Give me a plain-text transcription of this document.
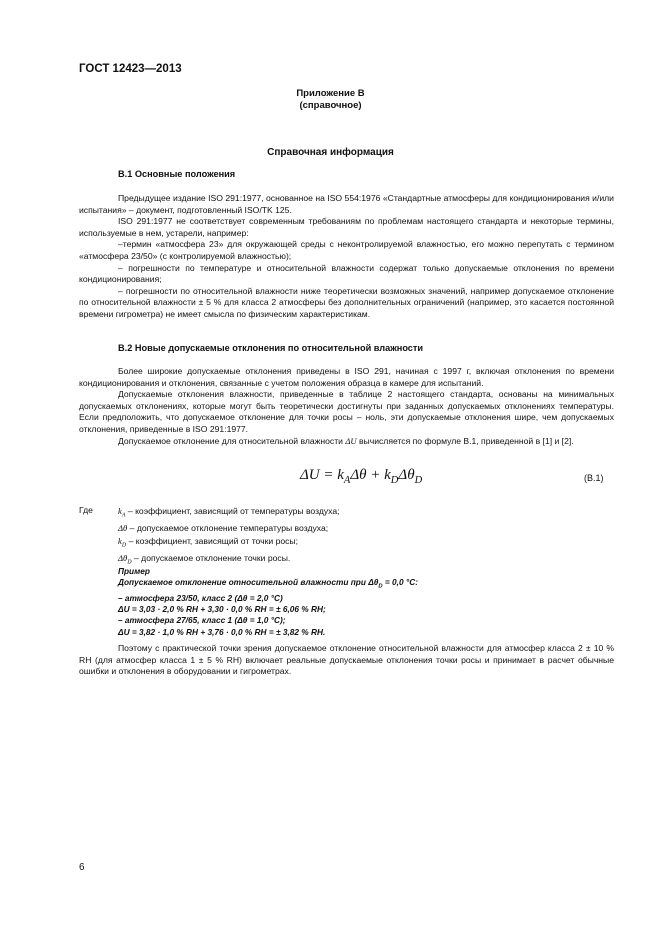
ГОСТ 12423—2013
Приложение В
(справочное)
Справочная информация
В.1 Основные положения

Предыдущее издание ISO 291:1977, основанное на ISO 554:1976 «Стандартные атмосферы для кондиционирования и/или испытания» – документ, подготовленный ISO/TK 125.

ISO 291:1977 не соответствует современным требованиям по проблемам настоящего стандарта и некоторые термины, используемые в нем, устарели, например:

–термин «атмосфера 23» для окружающей среды с неконтролируемой влажностью, его можно перепутать с термином «атмосфера 23/50» (с контролируемой влажностью);

– погрешности по температуре и относительной влажности содержат только допускаемые отклонения по времени кондиционирования;

– погрешности по относительной влажности ниже теоретически возможных значений, например допускаемое отклонение по относительной влажности ± 5 % для класса 2 атмосферы без дополнительных ограничений (например, это касается постоянной времени гигрометра) не имеет смысла по физическим характеристикам.

В.2 Новые допускаемые отклонения по относительной влажности

Более широкие допускаемые отклонения приведены в ISO 291, начиная с 1997 г, включая отклонения по времени кондиционирования и отклонения, связанные с учетом положения образца в камере для испытаний.

Допускаемые отклонения влажности, приведенные в таблице 2 настоящего стандарта, основаны на минимальных допускаемых отклонениях, которые могут быть теоретически достигнуты при заданных допускаемых отклонениях температуры. Если предположить, что допускаемое отклонение для точки росы – ноль, эти допускаемые отклонения шире, чем допускаемых отклонения, приведенные в ISO 291:1977.

Допускаемое отклонение для относительной влажности ΔU вычисляется по формуле В.1, приведенной в [1] и [2].

$\Delta U = k_A\Delta\theta + k_D\Delta\theta_D$	(В.1)
Где	$k_A$ – коэффициент, зависящий от температуры воздуха;
Δθ – допускаемое отклонение температуры воздуха;
$k_D$ – коэффициент, зависящий от точки росы;
$\Delta\theta_D$ – допускаемое отклонение точки росы.
Пример
Допускаемое отклонение относительной влажности при $\Delta\theta_D = 0,0$ °С:
– атмосфера 23/50, класс 2 (Δθ = 2,0 °С)
ΔU = 3,03 · 2,0 % RH + 3,30 · 0,0 % RH = ± 6,06 % RH;
– атмосфера 27/65, класс 1 (Δθ = 1,0 °С);
ΔU = 3,82 · 1,0 % RH + 3,76 · 0,0 % RH = ± 3,82 % RH.

Поэтому с практической точки зрения допускаемое отклонение относительной влажности для атмосфер класса 2 ± 10 % RH (для атмосфер класса 1 ± 5 % RH) включает реальные допускаемые отклонения точки росы и принимает в расчет обычные ошибки и отклонения в оборудовании и гигрометрах.

6
